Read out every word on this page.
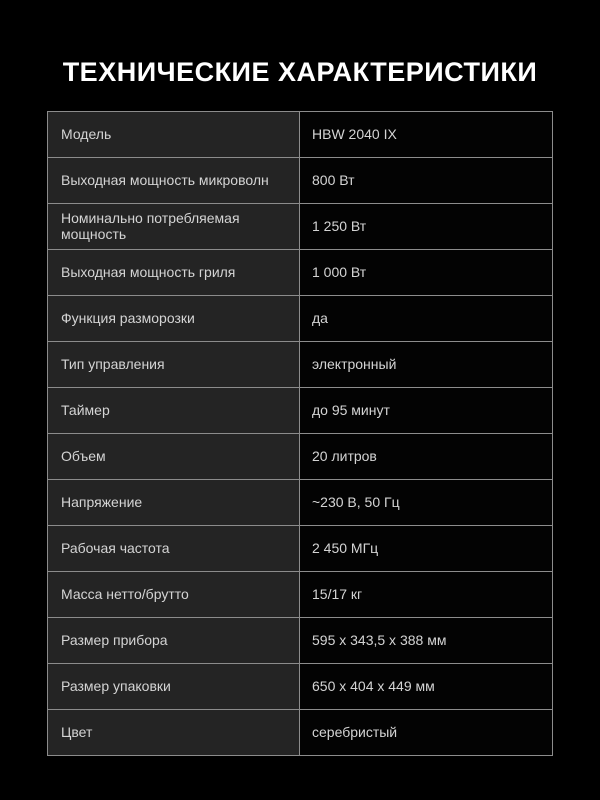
ТЕХНИЧЕСКИЕ ХАРАКТЕРИСТИКИ
Модель	HBW 2040 IX
Выходная мощность микроволн	800 Вт
Номинально потребляемая мощность	1 250 Вт
Выходная мощность гриля	1 000 Вт
Функция разморозки	да
Тип управления	электронный
Таймер	до 95 минут
Объем	20 литров
Напряжение	~230 В, 50 Гц
Рабочая частота	2 450 МГц
Масса нетто/брутто	15/17 кг
Размер прибора	595 х 343,5 х 388 мм
Размер упаковки	650 х 404 х 449 мм
Цвет	серебристый
